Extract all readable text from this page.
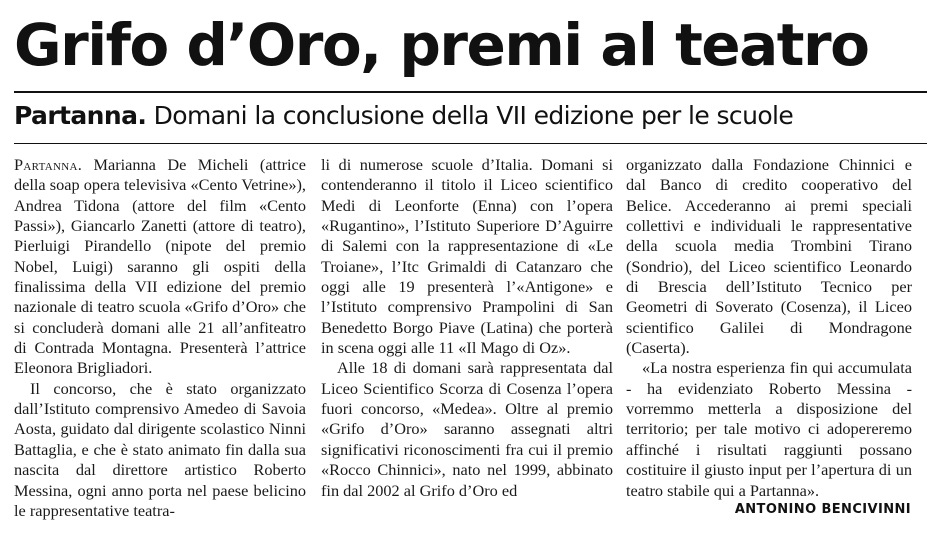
Grifo d’Oro, premi al teatro
Partanna. Domani la conclusione della VII edizione per le scuole

Partanna. Marianna De Micheli (attrice della soap opera televisiva «Cento Vetrine»), Andrea Tidona (attore del film «Cento Passi»), Giancarlo Zanetti (attore di teatro), Pierluigi Pirandello (nipote del premio Nobel, Luigi) saranno gli ospiti della finalissima della VII edizione del premio nazionale di teatro scuola «Grifo d’Oro» che si concluderà domani alle 21 all’anfiteatro di Contrada Montagna. Presenterà l’attrice Eleonora Brigliadori.

Il concorso, che è stato organizzato dall’Istituto comprensivo Amedeo di Savoia Aosta, guidato dal dirigente scolastico Ninni Battaglia, e che è stato animato fin dalla sua nascita dal direttore artistico Roberto Messina, ogni anno porta nel paese belicino le rappresentative teatra-

li di numerose scuole d’Italia. Domani si contenderanno il titolo il Liceo scientifico Medi di Leonforte (Enna) con l’opera «Rugantino», l’Istituto Superiore D’Aguirre di Salemi con la rappresentazione di «Le Troiane», l’Itc Grimaldi di Catanzaro che oggi alle 19 presenterà l’«Antigone» e l’Istituto comprensivo Prampolini di San Benedetto Borgo Piave (Latina) che porterà in scena oggi alle 11 «Il Mago di Oz».

Alle 18 di domani sarà rappresentata dal Liceo Scientifico Scorza di Cosenza l’opera fuori concorso, «Medea». Oltre al premio «Grifo d’Oro» saranno assegnati altri significativi riconoscimenti fra cui il premio «Rocco Chinnici», nato nel 1999, abbinato fin dal 2002 al Grifo d’Oro ed

organizzato dalla Fondazione Chinnici e dal Banco di credito cooperativo del Belice. Accederanno ai premi speciali collettivi e individuali le rappresentative della scuola media Trombini Tirano (Sondrio), del Liceo scientifico Leonardo di Brescia dell’Istituto Tecnico per Geometri di Soverato (Cosenza), il Liceo scientifico Galilei di Mondragone (Caserta).

«La nostra esperienza fin qui accumulata - ha evidenziato Roberto Messina - vorremmo metterla a disposizione del territorio; per tale motivo ci adopereremo affinché i risultati raggiunti possano costituire il giusto input per l’apertura di un teatro stabile qui a Partanna».

ANTONINO BENCIVINNI
